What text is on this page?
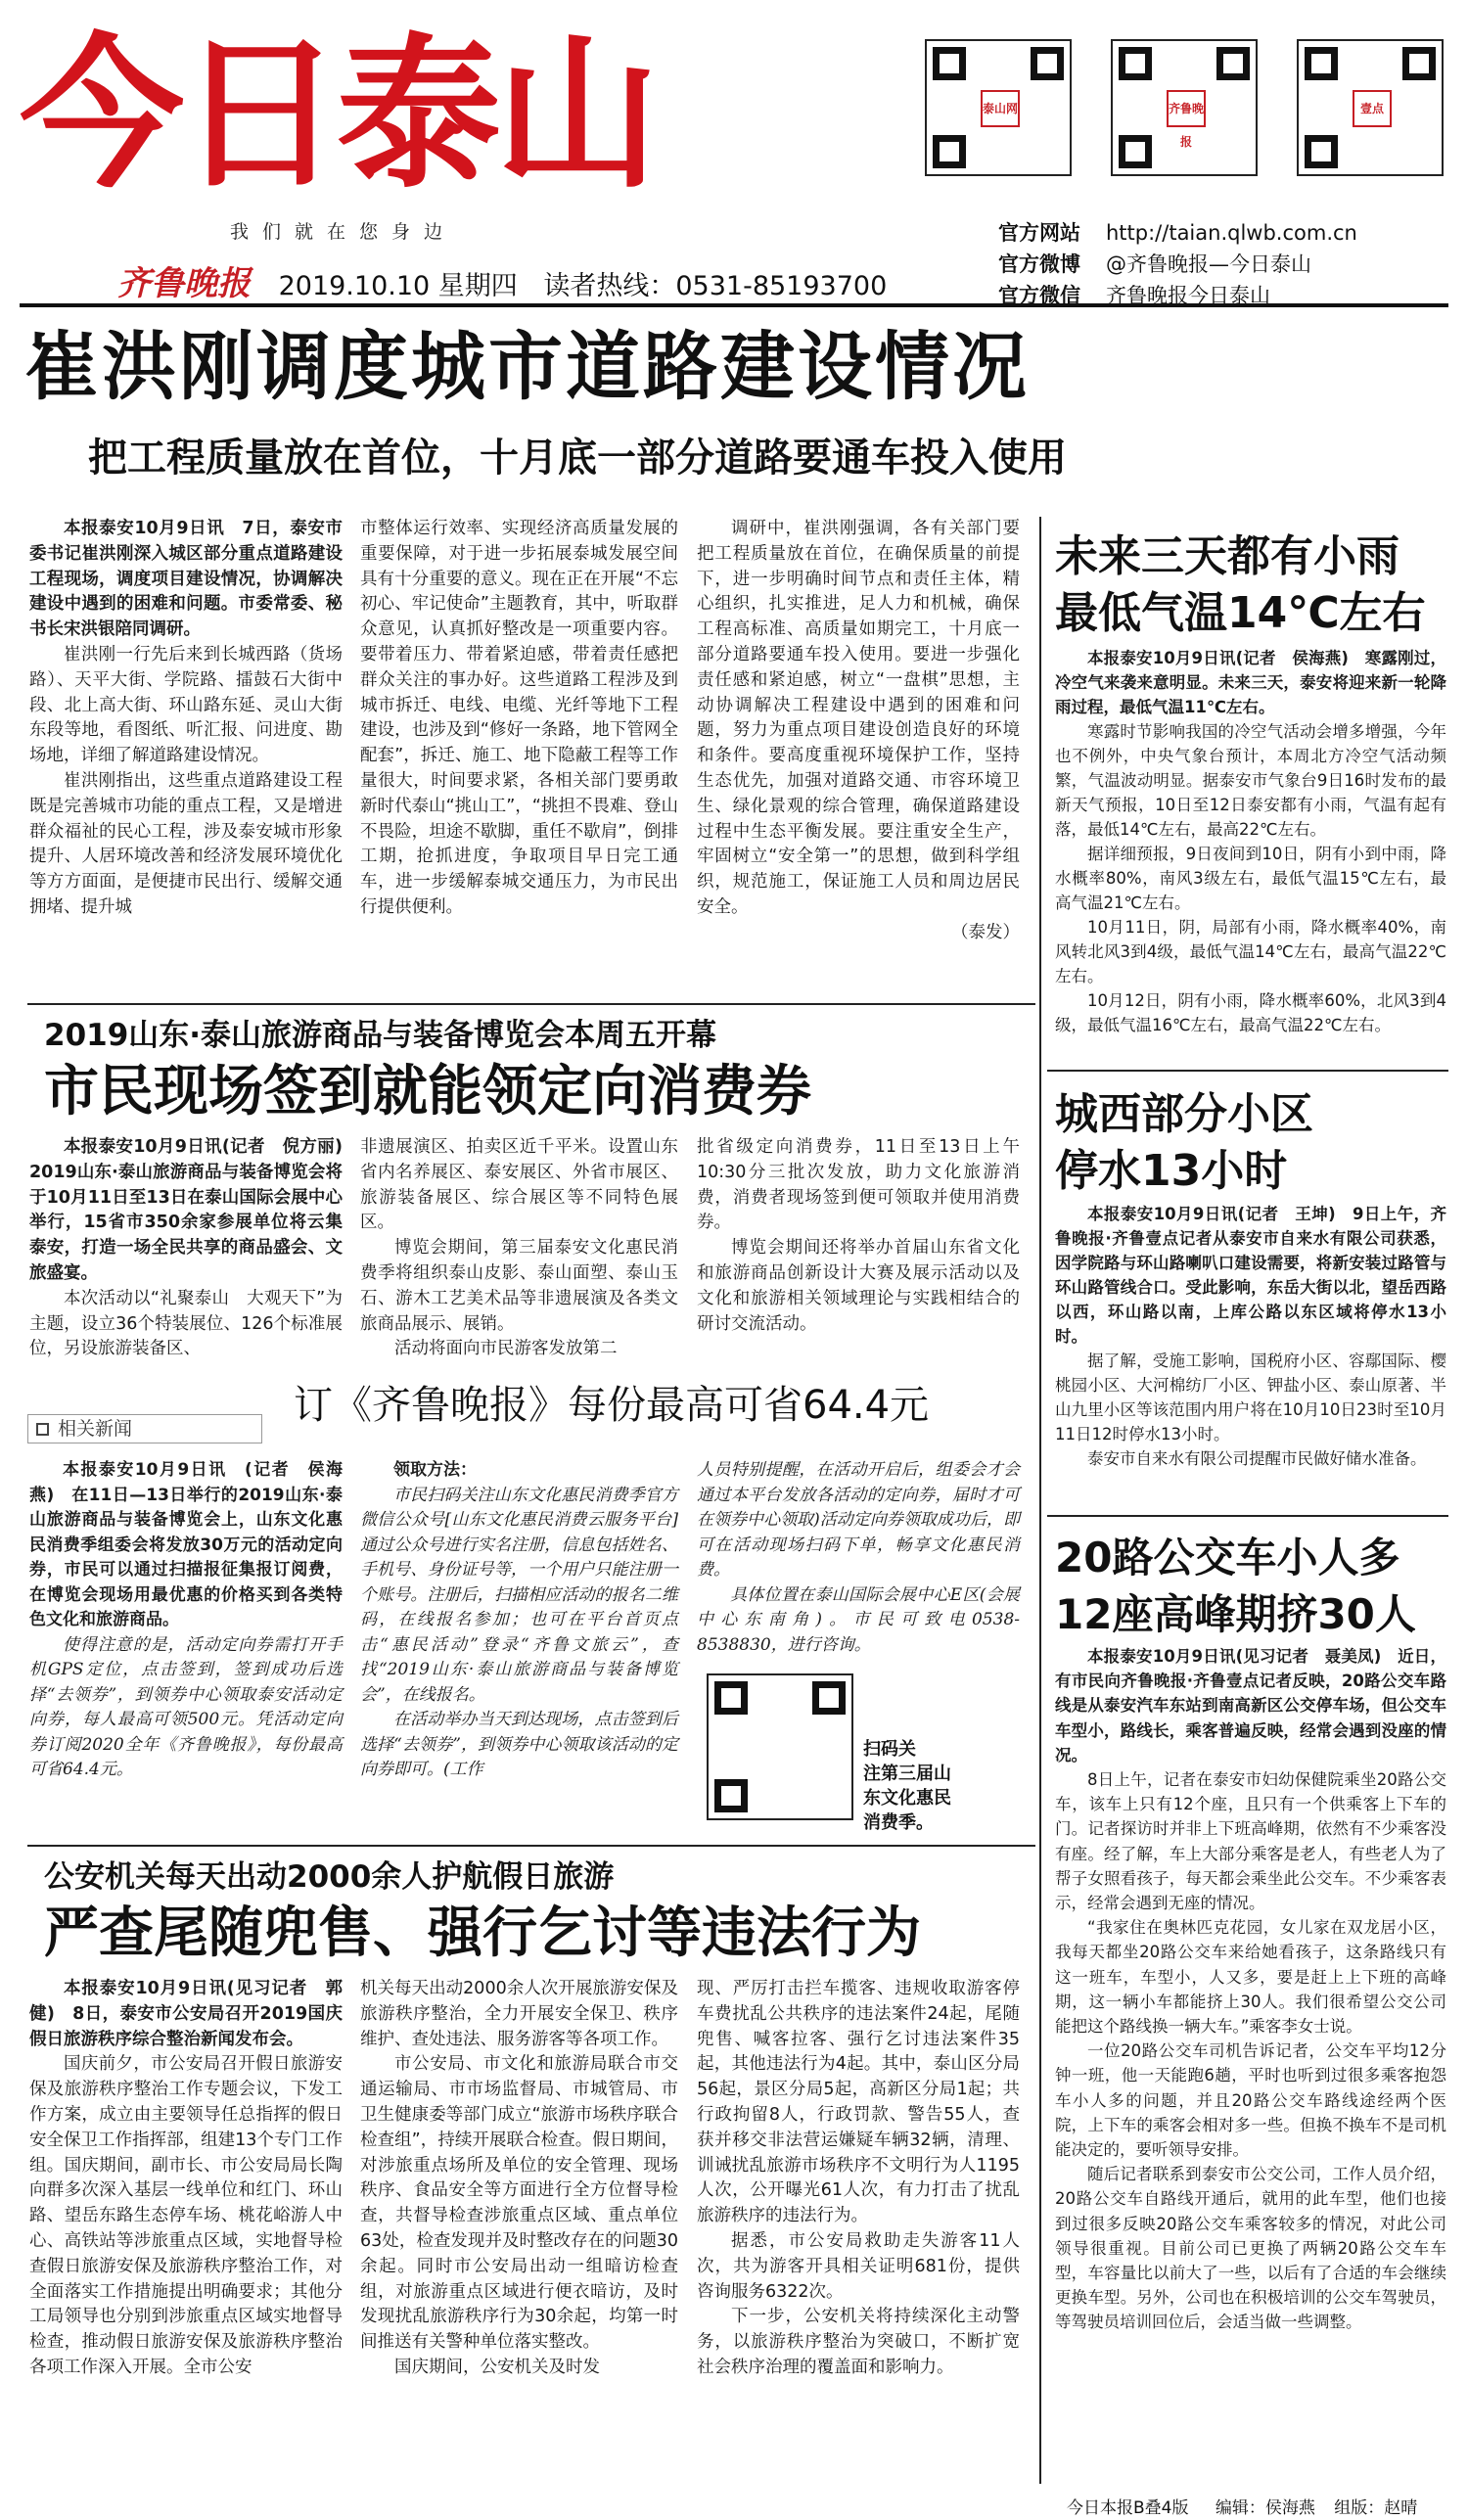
今日泰山
我们就在您身边
齐鲁晚报 2019.10.10 星期四 读者热线：0531-85193700
泰山网	齐鲁晚报
壹点
官方网站 http://taian.qlwb.com.cn
官方微博 @齐鲁晚报—今日泰山
官方微信 齐鲁晚报今日泰山
崔洪刚调度城市道路建设情况
把工程质量放在首位，十月底一部分道路要通车投入使用

本报泰安10月9日讯　7日，泰安市委书记崔洪刚深入城区部分重点道路建设工程现场，调度项目建设情况，协调解决建设中遇到的困难和问题。市委常委、秘书长宋洪银陪同调研。

崔洪刚一行先后来到长城西路（货场路）、天平大街、学院路、擂鼓石大街中段、北上高大街、环山路东延、灵山大街东段等地，看图纸、听汇报、问进度、勘场地，详细了解道路建设情况。

崔洪刚指出，这些重点道路建设工程既是完善城市功能的重点工程，又是增进群众福祉的民心工程，涉及泰安城市形象提升、人居环境改善和经济发展环境优化等方方面面，是便捷市民出行、缓解交通拥堵、提升城

市整体运行效率、实现经济高质量发展的重要保障，对于进一步拓展泰城发展空间具有十分重要的意义。现在正在开展“不忘初心、牢记使命”主题教育，其中，听取群众意见，认真抓好整改是一项重要内容。要带着压力、带着紧迫感，带着责任感把群众关注的事办好。这些道路工程涉及到城市拆迁、电线、电缆、光纤等地下工程建设，也涉及到“修好一条路，地下管网全配套”，拆迁、施工、地下隐蔽工程等工作量很大，时间要求紧，各相关部门要勇敢新时代泰山“挑山工”，“挑担不畏难、登山不畏险，坦途不歇脚，重任不歇肩”，倒排工期，抢抓进度，争取项目早日完工通车，进一步缓解泰城交通压力，为市民出行提供便利。

调研中，崔洪刚强调，各有关部门要把工程质量放在首位，在确保质量的前提下，进一步明确时间节点和责任主体，精心组织，扎实推进，足人力和机械，确保工程高标准、高质量如期完工，十月底一部分道路要通车投入使用。要进一步强化责任感和紧迫感，树立“一盘棋”思想，主动协调解决工程建设中遇到的困难和问题，努力为重点项目建设创造良好的环境和条件。要高度重视环境保护工作，坚持生态优先，加强对道路交通、市容环境卫生、绿化景观的综合管理，确保道路建设过程中生态平衡发展。要注重安全生产，牢固树立“安全第一”的思想，做到科学组织，规范施工，保证施工人员和周边居民安全。

（泰发）

未来三天都有小雨
最低气温14℃左右

本报泰安10月9日讯(记者　侯海燕)　寒露刚过，冷空气来袭来意明显。未来三天，泰安将迎来新一轮降雨过程，最低气温11℃左右。

寒露时节影响我国的冷空气活动会增多增强，今年也不例外，中央气象台预计，本周北方冷空气活动频繁，气温波动明显。据泰安市气象台9日16时发布的最新天气预报，10日至12日泰安都有小雨，气温有起有落，最低14℃左右，最高22℃左右。

据详细预报，9日夜间到10日，阴有小到中雨，降水概率80%，南风3级左右，最低气温15℃左右，最高气温21℃左右。

10月11日，阴，局部有小雨，降水概率40%，南风转北风3到4级，最低气温14℃左右，最高气温22℃左右。

10月12日，阴有小雨，降水概率60%，北风3到4级，最低气温16℃左右，最高气温22℃左右。

2019山东·泰山旅游商品与装备博览会本周五开幕
市民现场签到就能领定向消费券

本报泰安10月9日讯(记者　倪方丽)　2019山东·泰山旅游商品与装备博览会将于10月11日至13日在泰山国际会展中心举行，15省市350余家参展单位将云集泰安，打造一场全民共享的商品盛会、文旅盛宴。

本次活动以“礼聚泰山　大观天下”为主题，设立36个特装展位、126个标准展位，另设旅游装备区、

非遗展演区、拍卖区近千平米。设置山东省内名养展区、泰安展区、外省市展区、旅游装备展区、综合展区等不同特色展区。

博览会期间，第三届泰安文化惠民消费季将组织泰山皮影、泰山面塑、泰山玉石、游木工艺美术品等非遗展演及各类文旅商品展示、展销。

活动将面向市民游客发放第二

批省级定向消费券，11日至13日上午10:30分三批次发放，助力文化旅游消费，消费者现场签到便可领取并使用消费券。

博览会期间还将举办首届山东省文化和旅游商品创新设计大赛及展示活动以及文化和旅游相关领域理论与实践相结合的研讨交流活动。

相关新闻
订《齐鲁晚报》每份最高可省64.4元

本报泰安10月9日讯　(记者　侯海燕)　在11日—13日举行的2019山东·泰山旅游商品与装备博览会上，山东文化惠民消费季组委会将发放30万元的活动定向券，市民可以通过扫描报征集报订阅费，在博览会现场用最优惠的价格买到各类特色文化和旅游商品。

使得注意的是，活动定向券需打开手机GPS定位，点击签到，签到成功后选择“去领券”，到领券中心领取泰安活动定向券，每人最高可领500元。凭活动定向券订阅2020全年《齐鲁晚报》，每份最高可省64.4元。

领取方法：

市民扫码关注山东文化惠民消费季官方微信公众号[山东文化惠民消费云服务平台]通过公众号进行实名注册，信息包括姓名、手机号、身份证号等，一个用户只能注册一个账号。注册后，扫描相应活动的报名二维码，在线报名参加；也可在平台首页点击“惠民活动”登录“齐鲁文旅云”，查找“2019山东·泰山旅游商品与装备博览会”，在线报名。

在活动举办当天到达现场，点击签到后选择“去领券”，到领券中心领取该活动的定向券即可。(工作

人员特别提醒，在活动开启后，组委会才会通过本平台发放各活动的定向券，届时才可在领券中心领取)活动定向券领取成功后，即可在活动现场扫码下单，畅享文化惠民消费。

具体位置在泰山国际会展中心E区(会展中心东南角)。市民可致电0538-8538830，进行咨询。

扫码关
注第三届山
东文化惠民
消费季。
城西部分小区
停水13小时

本报泰安10月9日讯(记者　王坤)　9日上午，齐鲁晚报·齐鲁壹点记者从泰安市自来水有限公司获悉，因学院路与环山路喇叭口建设需要，将新安装过路管与环山路管线合口。受此影响，东岳大街以北，望岳西路以西，环山路以南，上库公路以东区域将停水13小时。

据了解，受施工影响，国税府小区、容鄢国际、樱桃园小区、大河棉纺厂小区、钾盐小区、泰山原著、半山九里小区等该范围内用户将在10月10日23时至10月11日12时停水13小时。

泰安市自来水有限公司提醒市民做好储水准备。

20路公交车小人多
12座高峰期挤30人

本报泰安10月9日讯(见习记者　聂美凤)　近日，有市民向齐鲁晚报·齐鲁壹点记者反映，20路公交车路线是从泰安汽车东站到南高新区公交停车场，但公交车车型小，路线长，乘客普遍反映，经常会遇到没座的情况。

8日上午，记者在泰安市妇幼保健院乘坐20路公交车，该车上只有12个座，且只有一个供乘客上下车的门。记者探访时并非上下班高峰期，依然有不少乘客没有座。经了解，车上大部分乘客是老人，有些老人为了帮子女照看孩子，每天都会乘坐此公交车。不少乘客表示，经常会遇到无座的情况。

“我家住在奥林匹克花园，女儿家在双龙居小区，我每天都坐20路公交车来给她看孩子，这条路线只有这一班车，车型小，人又多，要是赶上上下班的高峰期，这一辆小车都能挤上30人。我们很希望公交公司能把这个路线换一辆大车。”乘客李女士说。

一位20路公交车司机告诉记者，公交车平均12分钟一班，他一天能跑6趟，平时也听到过很多乘客抱怨车小人多的问题，并且20路公交车路线途经两个医院，上下车的乘客会相对多一些。但换不换车不是司机能决定的，要听领导安排。

随后记者联系到泰安市公交公司，工作人员介绍，20路公交车自路线开通后，就用的此车型，他们也接到过很多反映20路公交车乘客较多的情况，对此公司领导很重视。目前公司已更换了两辆20路公交车车型，车容量比以前大了一些，以后有了合适的车会继续更换车型。另外，公司也在积极培训的公交车驾驶员，等驾驶员培训回位后，会适当做一些调整。

公安机关每天出动2000余人护航假日旅游
严查尾随兜售、强行乞讨等违法行为

本报泰安10月9日讯(见习记者　郭健)　8日，泰安市公安局召开2019国庆假日旅游秩序综合整治新闻发布会。

国庆前夕，市公安局召开假日旅游安保及旅游秩序整治工作专题会议，下发工作方案，成立由主要领导任总指挥的假日安全保卫工作指挥部，组建13个专门工作组。国庆期间，副市长、市公安局局长陶向群多次深入基层一线单位和红门、环山路、望岳东路生态停车场、桃花峪游人中心、高铁站等涉旅重点区域，实地督导检查假日旅游安保及旅游秩序整治工作，对全面落实工作措施提出明确要求；其他分工局领导也分别到涉旅重点区域实地督导检查，推动假日旅游安保及旅游秩序整治各项工作深入开展。全市公安

机关每天出动2000余人次开展旅游安保及旅游秩序整治，全力开展安全保卫、秩序维护、查处违法、服务游客等各项工作。

市公安局、市文化和旅游局联合市交通运输局、市市场监督局、市城管局、市卫生健康委等部门成立“旅游市场秩序联合检查组”，持续开展联合检查。假日期间，对涉旅重点场所及单位的安全管理、现场秩序、食品安全等方面进行全方位督导检查，共督导检查涉旅重点区域、重点单位63处，检查发现并及时整改存在的问题30余起。同时市公安局出动一组暗访检查组，对旅游重点区域进行便衣暗访，及时发现扰乱旅游秩序行为30余起，均第一时间推送有关警种单位落实整改。

国庆期间，公安机关及时发

现、严厉打击拦车揽客、违规收取游客停车费扰乱公共秩序的违法案件24起，尾随兜售、喊客拉客、强行乞讨违法案件35起，其他违法行为4起。其中，泰山区分局56起，景区分局5起，高新区分局1起；共行政拘留8人，行政罚款、警告55人，查获并移交非法营运嫌疑车辆32辆，清理、训诫扰乱旅游市场秩序不文明行为人1195人次，公开曝光61人次，有力打击了扰乱旅游秩序的违法行为。

据悉，市公安局救助走失游客11人次，共为游客开具相关证明681份，提供咨询服务6322次。

下一步，公安机关将持续深化主动警务，以旅游秩序整治为突破口，不断扩宽社会秩序治理的覆盖面和影响力。

今日本报B叠4版 编辑：侯海燕 组版：赵晴
